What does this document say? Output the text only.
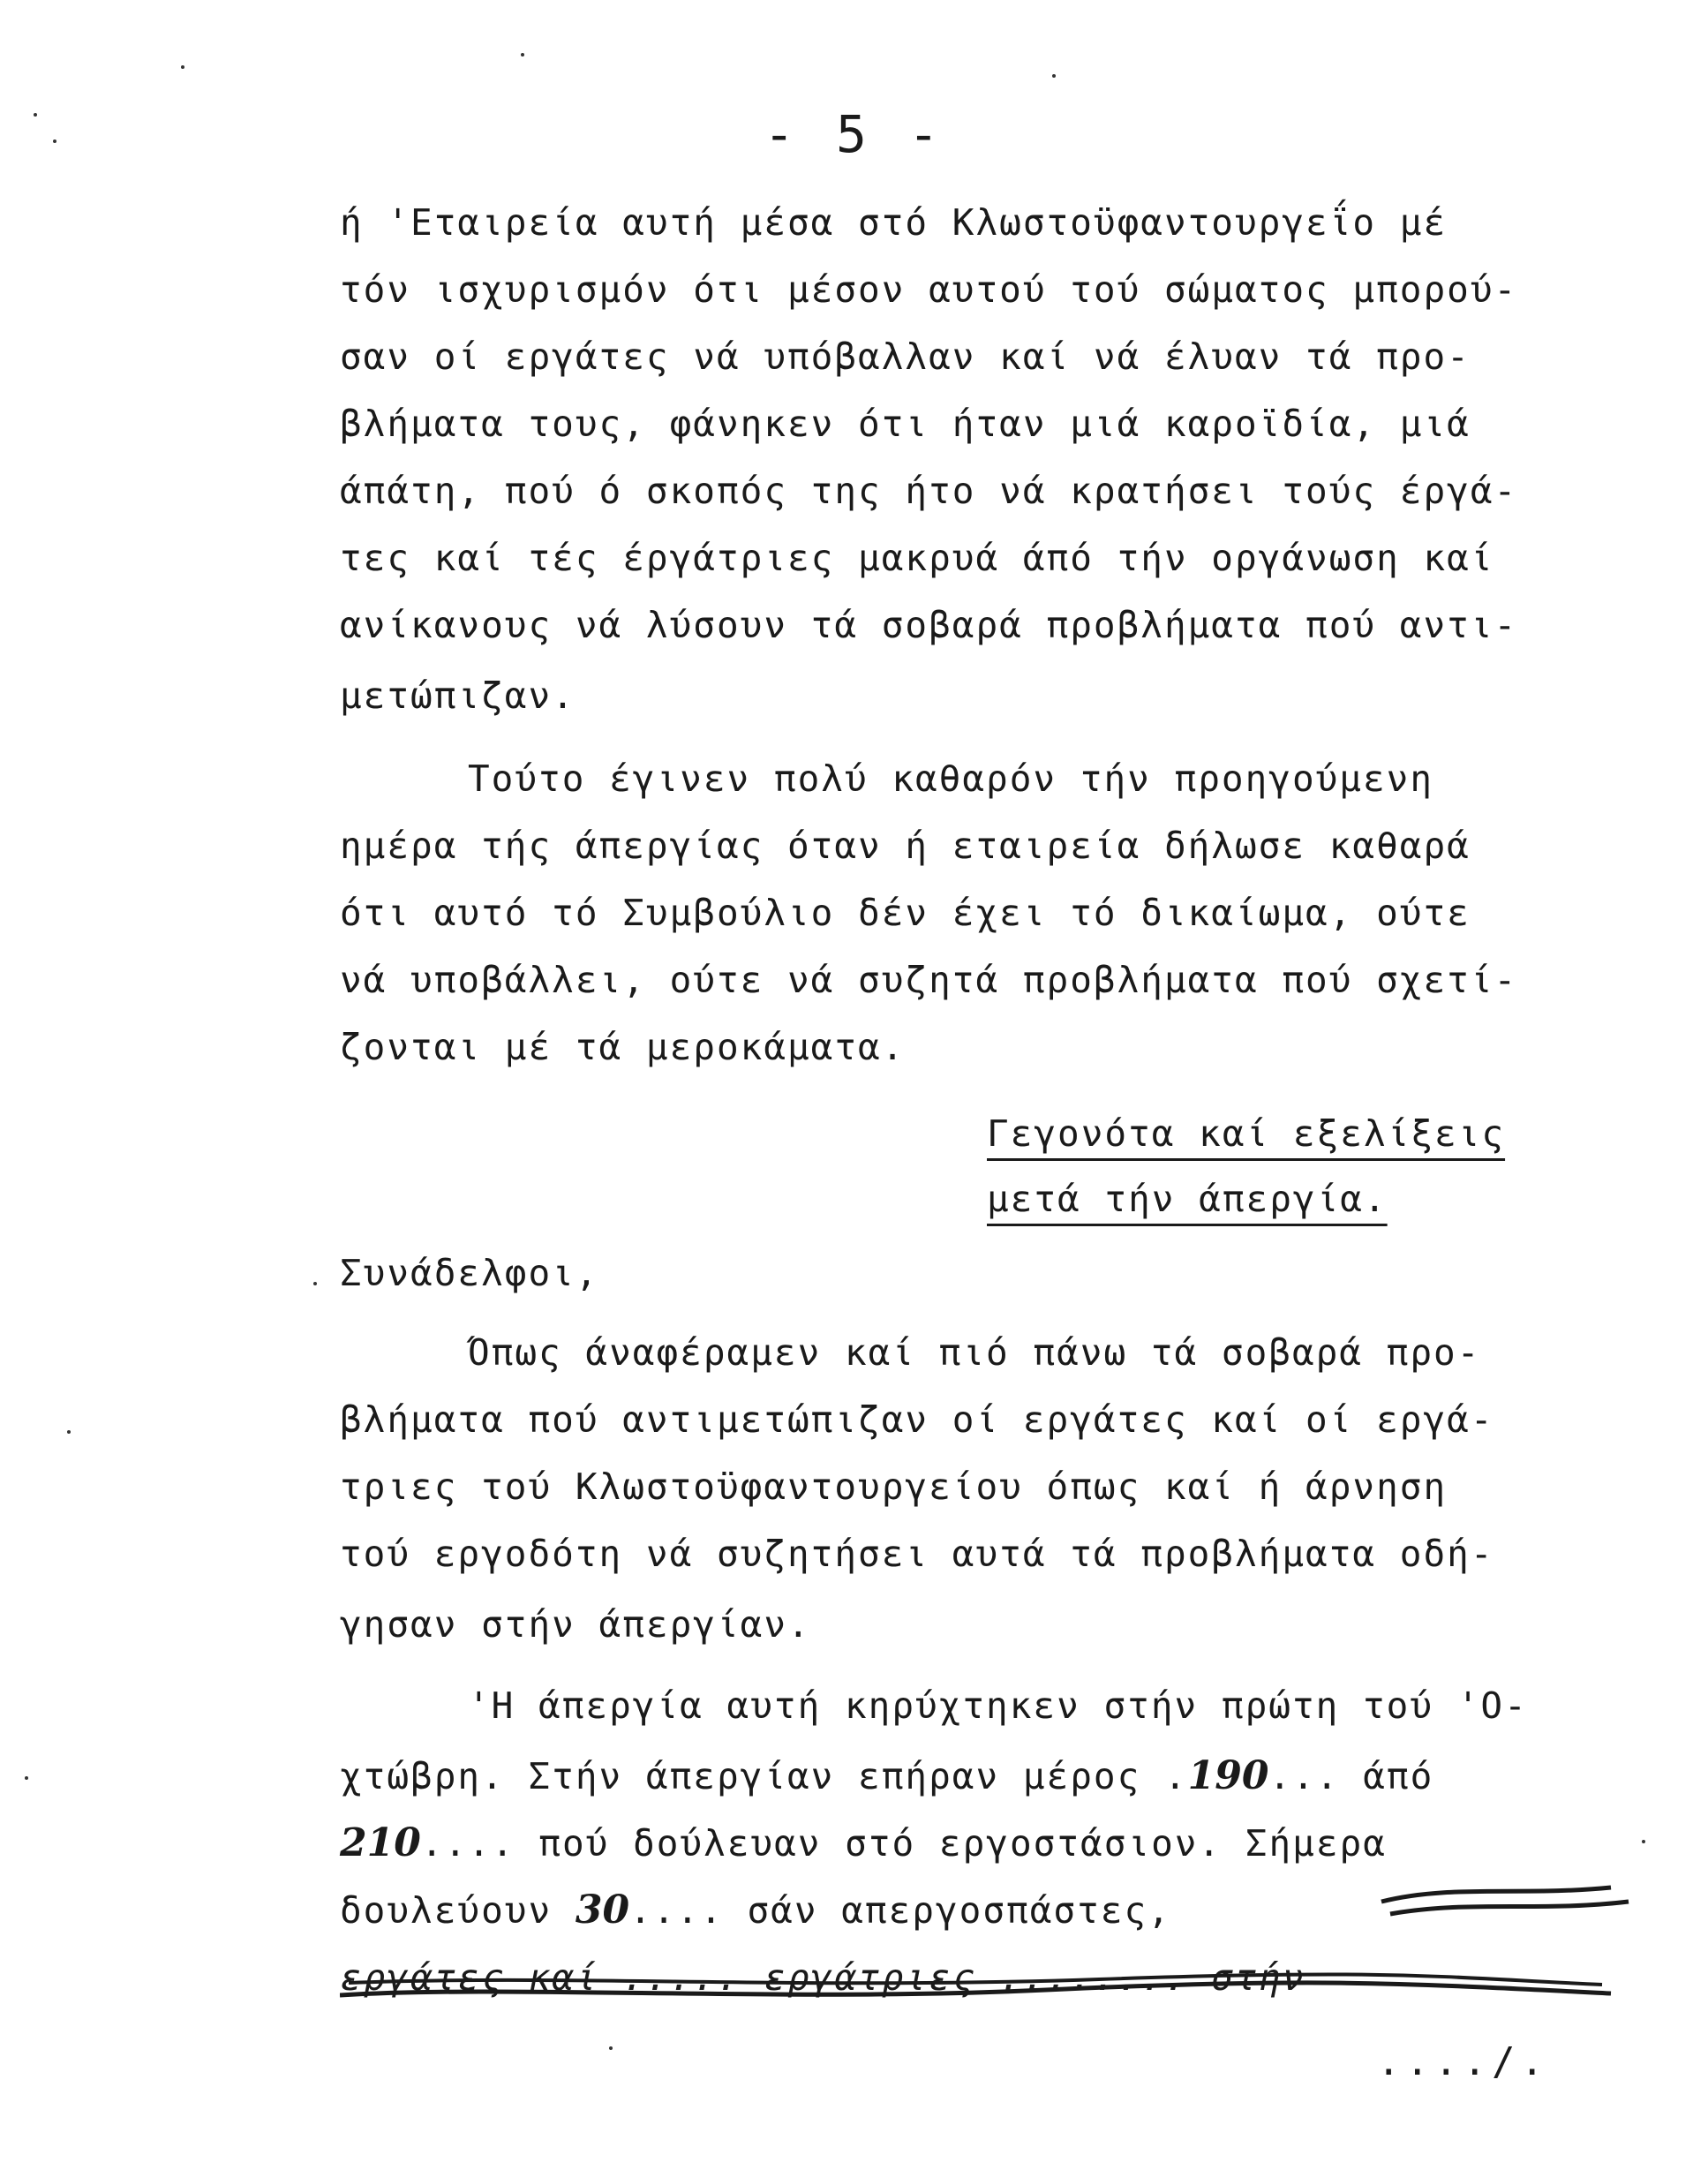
- 5 -
ή 'Εταιρεία αυτή μέσα στό Κλωστοϋφαντουργεΐο μέ
τόν ισχυρισμόν ότι μέσον αυτού τού σώματος μπορού-
σαν οί εργάτες νά υπόβαλλαν καί νά έλυαν τά προ-
βλήματα τους, φάνηκεν ότι ήταν μιά καροϊδία, μιά
άπάτη, πού ό σκοπός της ήτο νά κρατήσει τούς έργά-
τες καί τές έργάτριες μακρυά άπό τήν οργάνωση καί
ανίκανους νά λύσουν τά σοβαρά προβλήματα πού αντι-
μετώπιζαν.
Τούτο έγινεν πολύ καθαρόν τήν προηγούμενη
ημέρα τής άπεργίας όταν ή εταιρεία δήλωσε καθαρά
ότι αυτό τό Συμβούλιο δέν έχει τό δικαίωμα, ούτε
νά υποβάλλει, ούτε νά συζητά προβλήματα πού σχετί-
ζονται μέ τά μεροκάματα.
Γεγονότα καί εξελίξεις
μετά τήν άπεργία.
Συνάδελφοι,
Όπως άναφέραμεν καί πιό πάνω τά σοβαρά προ-
βλήματα πού αντιμετώπιζαν οί εργάτες καί οί εργά-
τριες τού Κλωστοϋφαντουργείου όπως καί ή άρνηση
τού εργοδότη νά συζητήσει αυτά τά προβλήματα οδή-
γησαν στήν άπεργίαν.
'Η άπεργία αυτή κηρύχτηκεν στήν πρώτη τού 'Ο-
χτώβρη. Στήν άπεργίαν επήραν μέρος .190... άπό
210.... πού δούλευαν στό εργοστάσιον. Σήμερα
δουλεύουν 30.... σάν απεργοσπάστες,
εργάτες καί ..... εργάτριες ........ στήν
..../.
